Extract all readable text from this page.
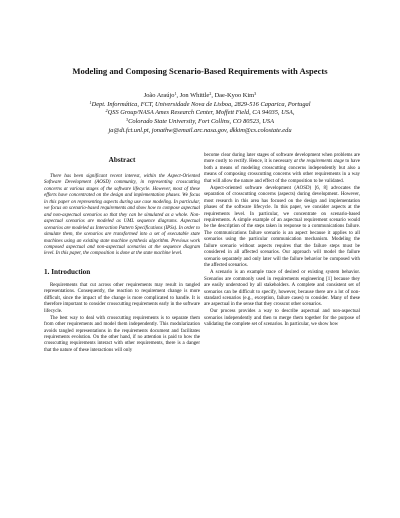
Modeling and Composing Scenario-Based Requirements with Aspects
João Araújo$^1$, Jon Whittle$^2$, Dae-Kyoo Kim$^3$
$^1$Dept. Informática, FCT, Universidade Nova de Lisboa, 2829-516 Caparica, Portugal
$^2$QSS Group/NASA Ames Research Center, Moffett Field, CA 94035, USA,
$^3$Colorado State University, Fort Collins, CO 80523, USA
ja@di.fct.unl.pt, jonathw@email.arc.nasa.gov, dkkim@cs.colostate.edu
Abstract

There has been significant recent interest, within the Aspect-Oriented Software Development (AOSD) community, in representing crosscutting concerns at various stages of the software lifecycle. However, most of these efforts have concentrated on the design and implementation phases. We focus in this paper on representing aspects during use case modeling. In particular, we focus on scenario-based requirements and show how to compose aspectual and non-aspectual scenarios so that they can be simulated as a whole. Non-aspectual scenarios are modeled as UML sequence diagrams. Aspectual scenarios are modeled as Interaction Pattern Specifications (IPSs). In order to simulate them, the scenarios are transformed into a set of executable state machines using an existing state machine synthesis algorithm. Previous work composed aspectual and non-aspectual scenarios at the sequence diagram level. In this paper, the composition is done at the state machine level.

1. Introduction

Requirements that cut across other requirements may result in tangled representations. Consequently, the reaction to requirement change is more difficult, since the impact of the change is more complicated to handle. It is therefore important to consider crosscutting requirements early in the software lifecycle.

The best way to deal with crosscutting requirements is to separate them from other requirements and model them independently. This modularization avoids tangled representations in the requirements document and facilitates requirements evolution. On the other hand, if no attention is paid to how the crosscutting requirements interact with other requirements, there is a danger that the nature of these interactions will only

become clear during later stages of software development when problems are more costly to rectify. Hence, it is necessary at the requirements stage to have both a means of modeling crosscutting concerns independently but also a means of composing crosscutting concerns with other requirements in a way that will allow the nature and effect of the composition to be validated.

Aspect-oriented software development (AOSD) [6, 8] advocates the separation of crosscutting concerns (aspects) during development. However, most research in this area has focused on the design and implementation phases of the software lifecycle. In this paper, we consider aspects at the requirements level. In particular, we concentrate on scenario-based requirements. A simple example of an aspectual requirement scenario would be the description of the steps taken in response to a communications failure. The communications failure scenario is an aspect because it applies to all scenarios using the particular communication mechanism. Modeling the failure scenario without aspects requires that the failure steps must be considered in all affected scenarios. Our approach will model the failure scenario separately and only later will the failure behavior be composed with the affected scenarios.

A scenario is an example trace of desired or existing system behavior. Scenarios are commonly used in requirements engineering [1] because they are easily understood by all stakeholders. A complete and consistent set of scenarios can be difficult to specify, however, because there are a lot of non-standard scenarios (e.g., exception, failure cases) to consider. Many of these are aspectual in the sense that they crosscut other scenarios.

Our process provides a way to describe aspectual and non-aspectual scenarios independently and then to merge them together for the purpose of validating the complete set of scenarios. In particular, we show how
